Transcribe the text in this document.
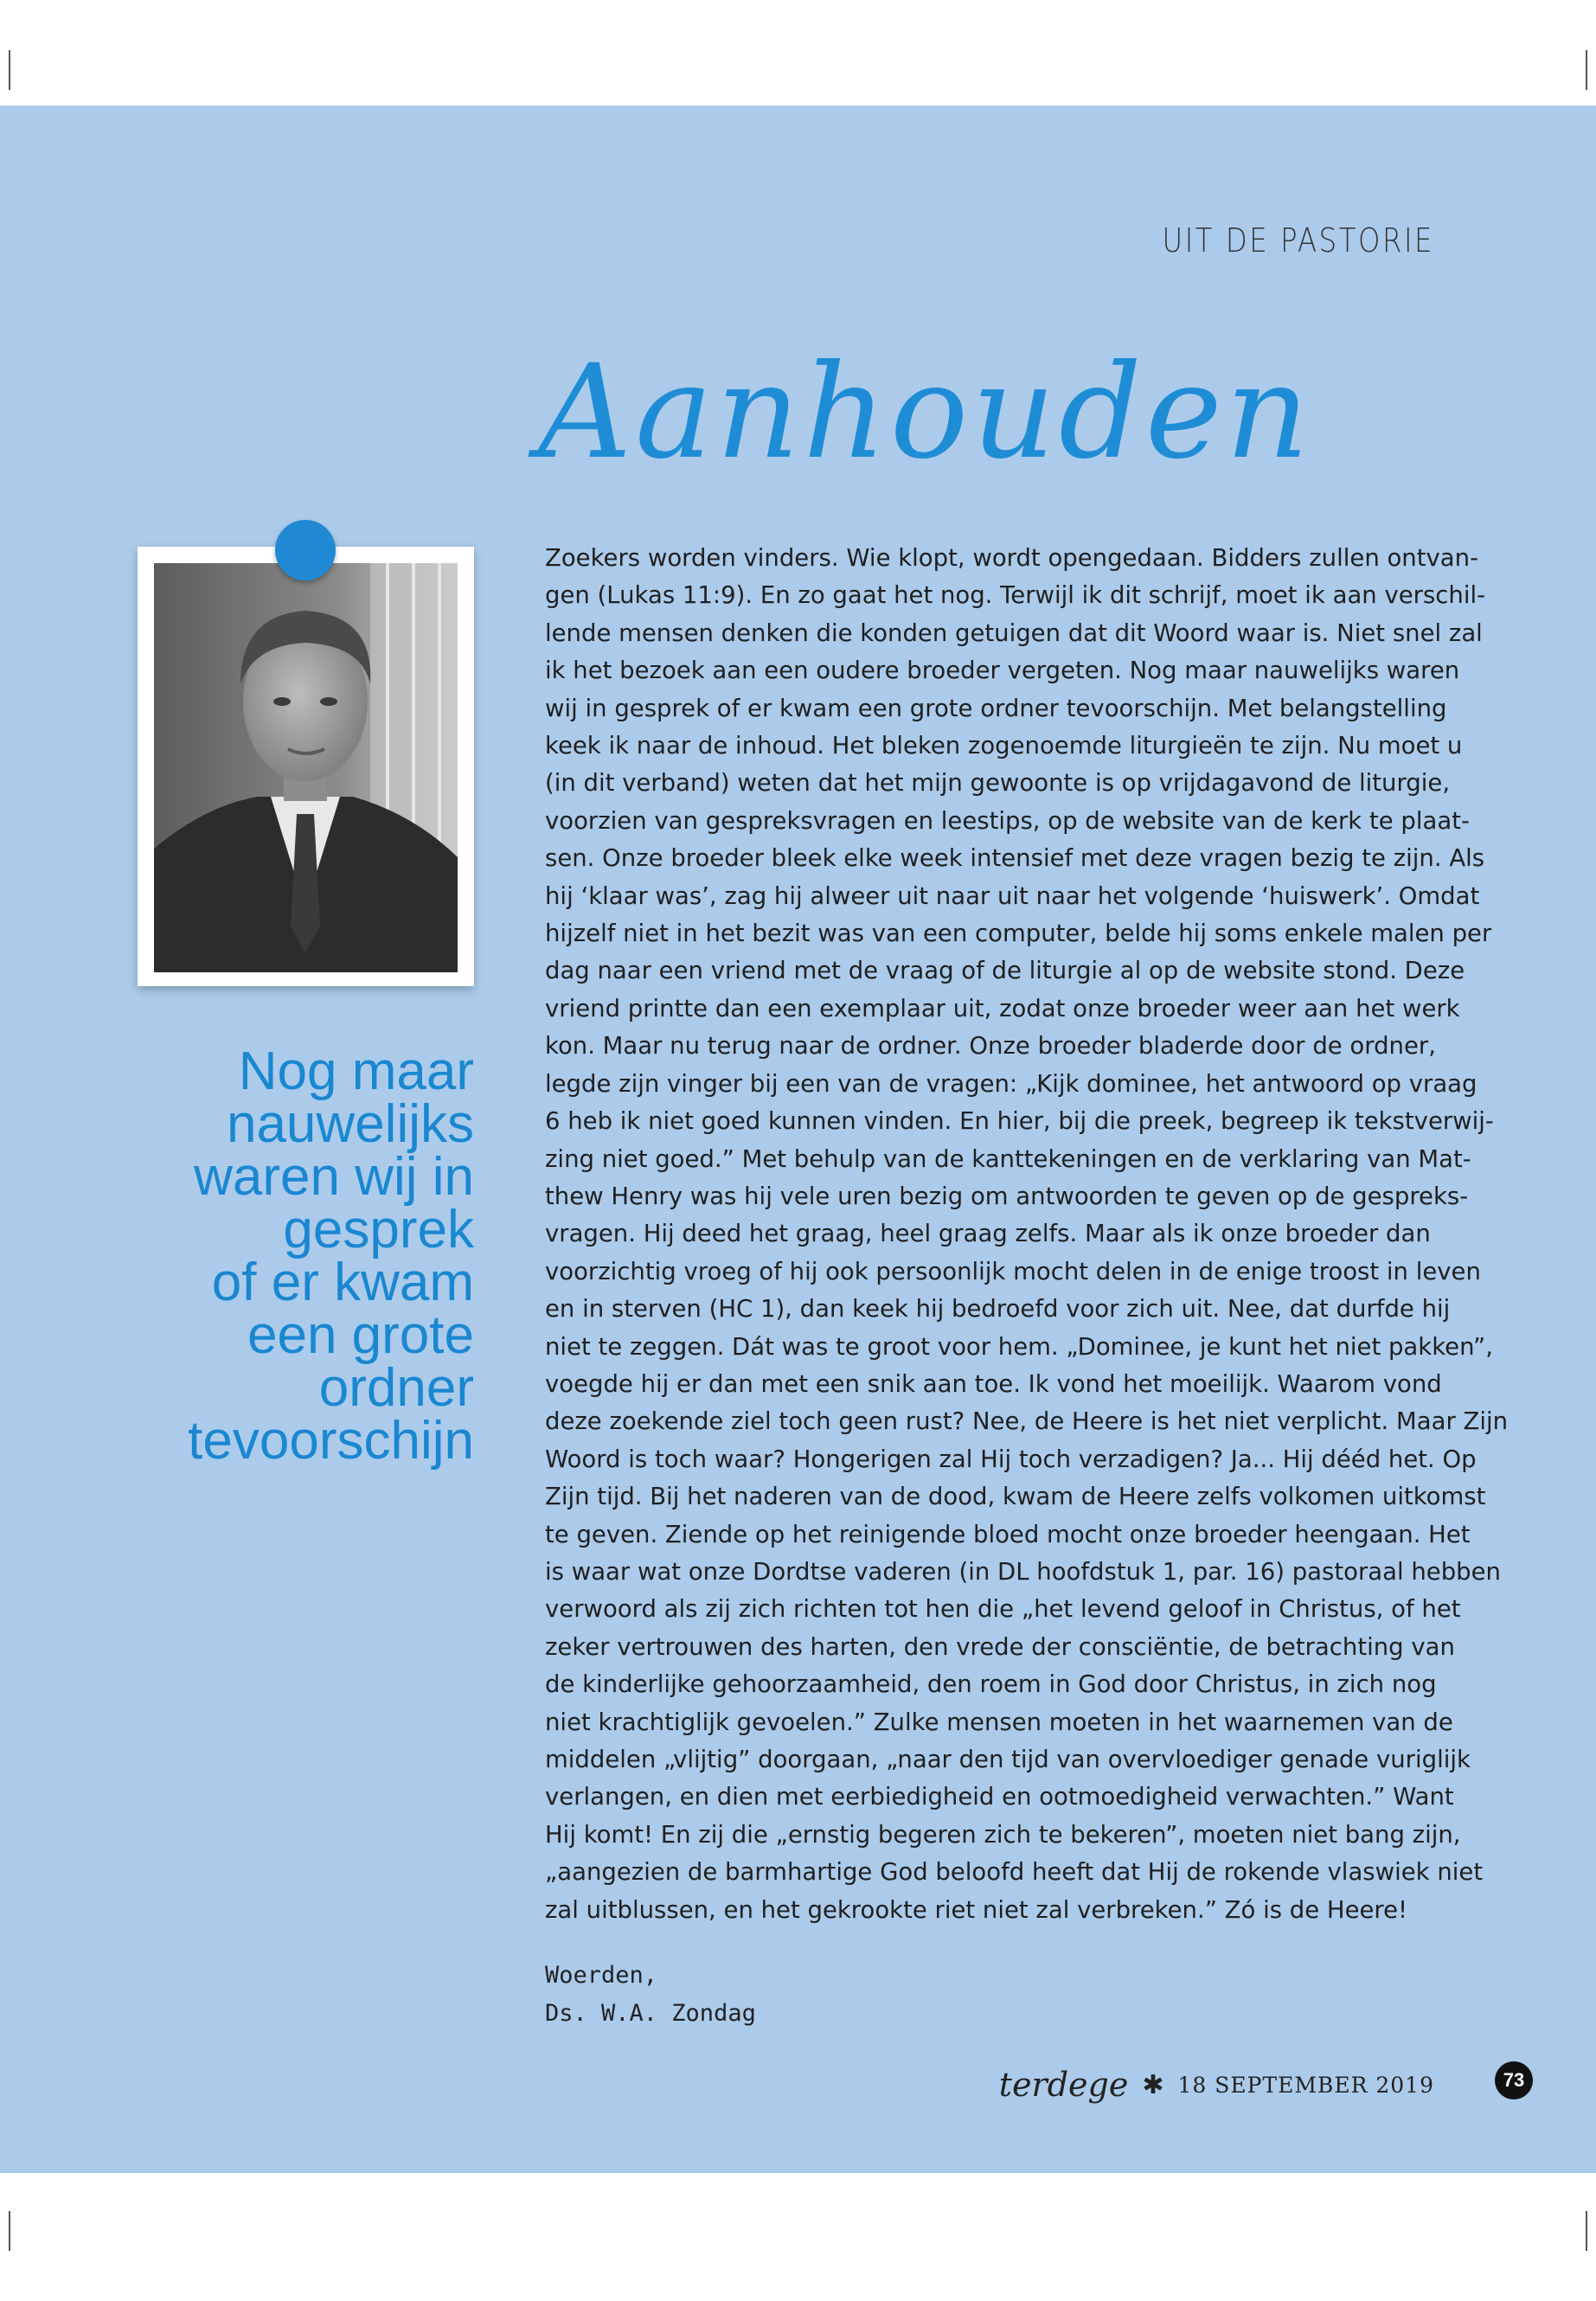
UIT DE PASTORIE
Aanhouden
Nog maar
nauwelijks
waren wij in
gesprek
of er kwam
een grote
ordner
tevoorschijn
Zoekers worden vinders. Wie klopt, wordt opengedaan. Bidders zullen ontvan-
gen (Lukas 11:9). En zo gaat het nog. Terwijl ik dit schrijf, moet ik aan verschil-
lende mensen denken die konden getuigen dat dit Woord waar is. Niet snel zal
ik het bezoek aan een oudere broeder vergeten. Nog maar nauwelijks waren
wij in gesprek of er kwam een grote ordner tevoorschijn. Met belangstelling
keek ik naar de inhoud. Het bleken zogenoemde liturgieën te zijn. Nu moet u
(in dit verband) weten dat het mijn gewoonte is op vrijdagavond de liturgie,
voorzien van gespreksvragen en leestips, op de website van de kerk te plaat-
sen. Onze broeder bleek elke week intensief met deze vragen bezig te zijn. Als
hij ‘klaar was’, zag hij alweer uit naar uit naar het volgende ‘huiswerk’. Omdat
hijzelf niet in het bezit was van een computer, belde hij soms enkele malen per
dag naar een vriend met de vraag of de liturgie al op de website stond. Deze
vriend printte dan een exemplaar uit, zodat onze broeder weer aan het werk
kon. Maar nu terug naar de ordner. Onze broeder bladerde door de ordner,
legde zijn vinger bij een van de vragen: „Kijk dominee, het antwoord op vraag
6 heb ik niet goed kunnen vinden. En hier, bij die preek, begreep ik tekstverwij-
zing niet goed.” Met behulp van de kanttekeningen en de verklaring van Mat-
thew Henry was hij vele uren bezig om antwoorden te geven op de gespreks-
vragen. Hij deed het graag, heel graag zelfs. Maar als ik onze broeder dan
voorzichtig vroeg of hij ook persoonlijk mocht delen in de enige troost in leven
en in sterven (HC 1), dan keek hij bedroefd voor zich uit. Nee, dat durfde hij
niet te zeggen. Dát was te groot voor hem. „Dominee, je kunt het niet pakken”,
voegde hij er dan met een snik aan toe. Ik vond het moeilijk. Waarom vond
deze zoekende ziel toch geen rust? Nee, de Heere is het niet verplicht. Maar Zijn
Woord is toch waar? Hongerigen zal Hij toch verzadigen? Ja... Hij dééd het. Op
Zijn tijd. Bij het naderen van de dood, kwam de Heere zelfs volkomen uitkomst
te geven. Ziende op het reinigende bloed mocht onze broeder heengaan. Het
is waar wat onze Dordtse vaderen (in DL hoofdstuk 1, par. 16) pastoraal hebben
verwoord als zij zich richten tot hen die „het levend geloof in Christus, of het
zeker vertrouwen des harten, den vrede der consciëntie, de betrachting van
de kinderlijke gehoorzaamheid, den roem in God door Christus, in zich nog
niet krachtiglijk gevoelen.” Zulke mensen moeten in het waarnemen van de
middelen „vlijtig” doorgaan, „naar den tijd van overvloediger genade vuriglijk
verlangen, en dien met eerbiedigheid en ootmoedigheid verwachten.” Want
Hij komt! En zij die „ernstig begeren zich te bekeren”, moeten niet bang zijn,
„aangezien de barmhartige God beloofd heeft dat Hij de rokende vlaswiek niet
zal uitblussen, en het gekrookte riet niet zal verbreken.” Zó is de Heere!
Woerden,
Ds. W.A. Zondag
terdege ✱ 18 SEPTEMBER 2019	73
